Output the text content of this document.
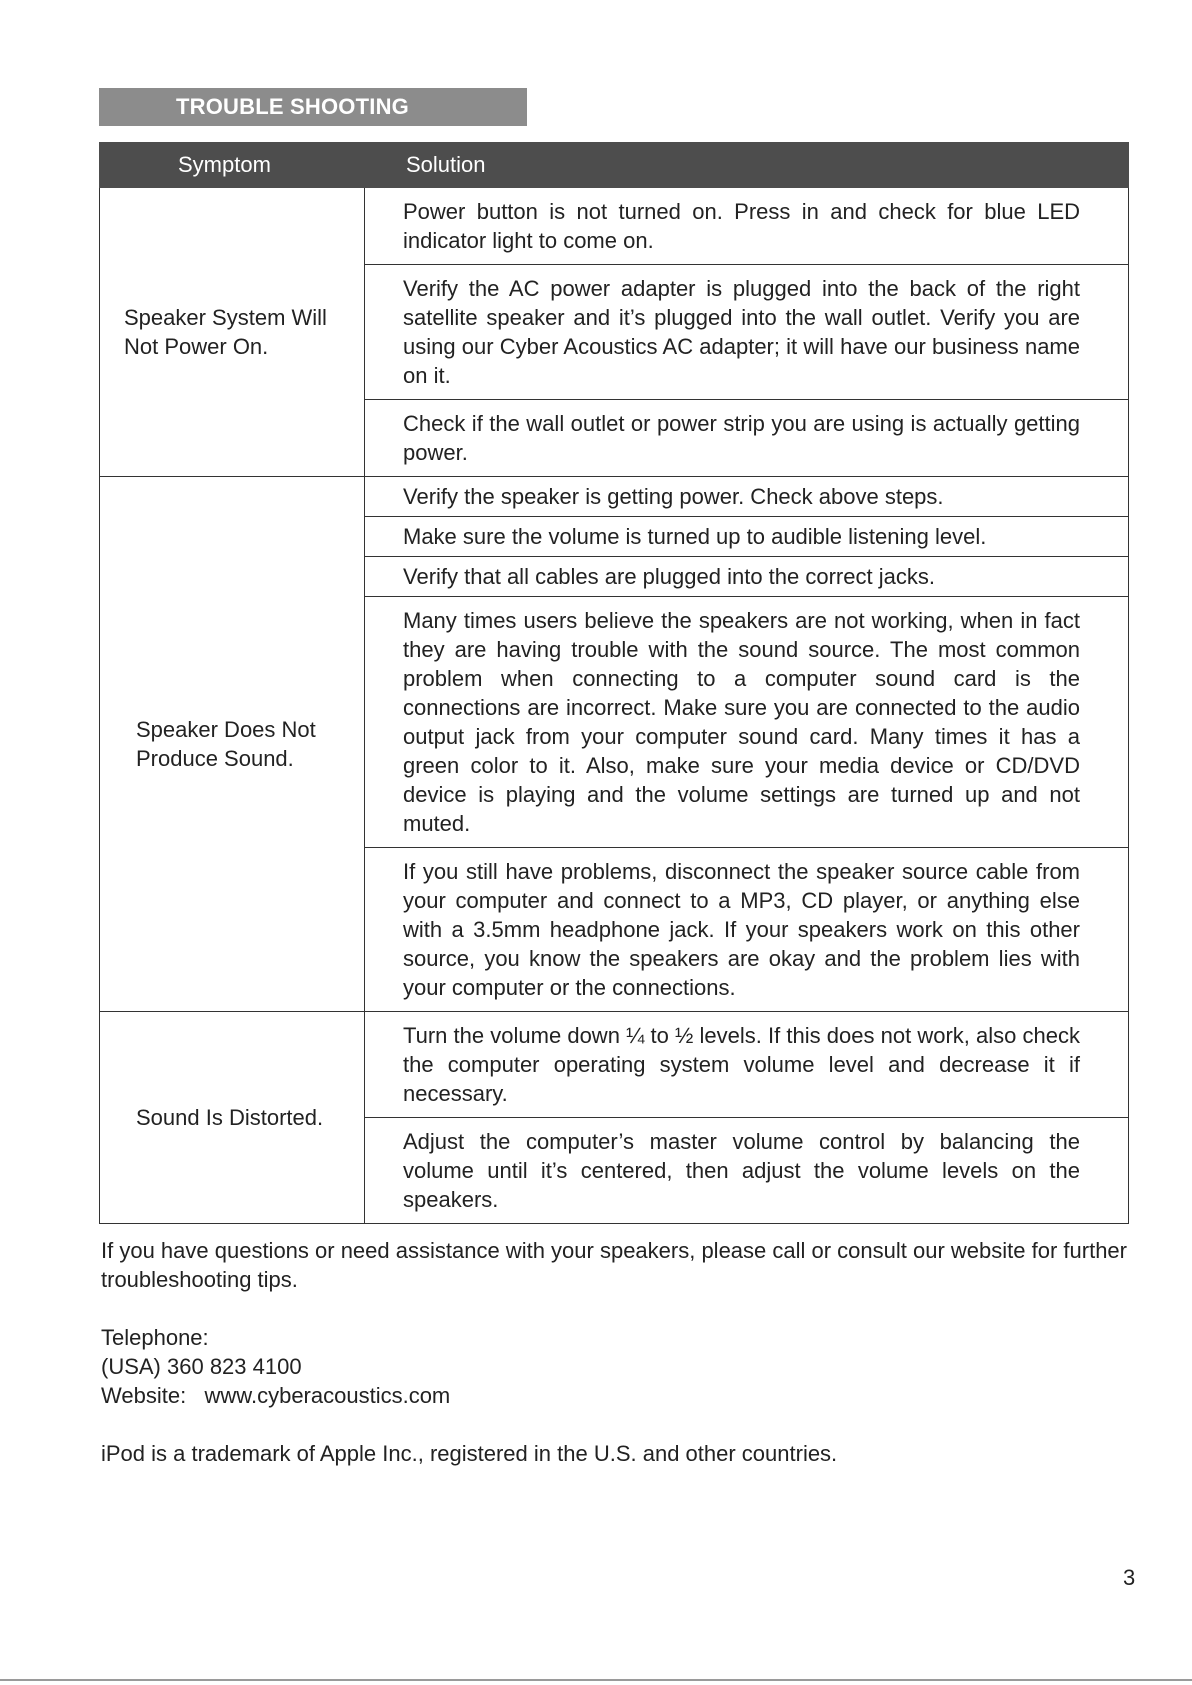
TROUBLE SHOOTING
Symptom	Solution
Speaker System Will Not Power On.	Power button is not turned on. Press in and check for blue LED indicator light to come on.
	Verify the AC power adapter is plugged into the back of the right satellite speaker and it’s plugged into the wall outlet. Verify you are using our Cyber Acoustics AC adapter; it will have our business name on it.
	Check if the wall outlet or power strip you are using is actually getting power.
Speaker Does Not Produce Sound.	Verify the speaker is getting power. Check above steps.
	Make sure the volume is turned up to audible listening level.
	Verify that all cables are plugged into the correct jacks.
	Many times users believe the speakers are not working, when in fact they are having trouble with the sound source. The most common problem when connecting to a computer sound card is the connections are incorrect. Make sure you are connected to the audio output jack from your computer sound card. Many times it has a green color to it. Also, make sure your media device or CD/DVD device is playing and the volume settings are turned up and not muted.
	If you still have problems, disconnect the speaker source cable from your computer and connect to a MP3, CD player, or anything else with a 3.5mm headphone jack. If your speakers work on this other source, you know the speakers are okay and the problem lies with your computer or the connections.
Sound Is Distorted.	Turn the volume down ¼ to ½ levels. If this does not work, also check the computer operating system volume level and decrease it if necessary.
	Adjust the computer’s master volume control by balancing the volume until it’s centered, then adjust the volume levels on the speakers.

If you have questions or need assistance with your speakers, please call or consult our website for further troubleshooting tips.

Telephone:

(USA) 360 823 4100

Website:   www.cyberacoustics.com

iPod is a trademark of Apple Inc., registered in the U.S. and other countries.

3
